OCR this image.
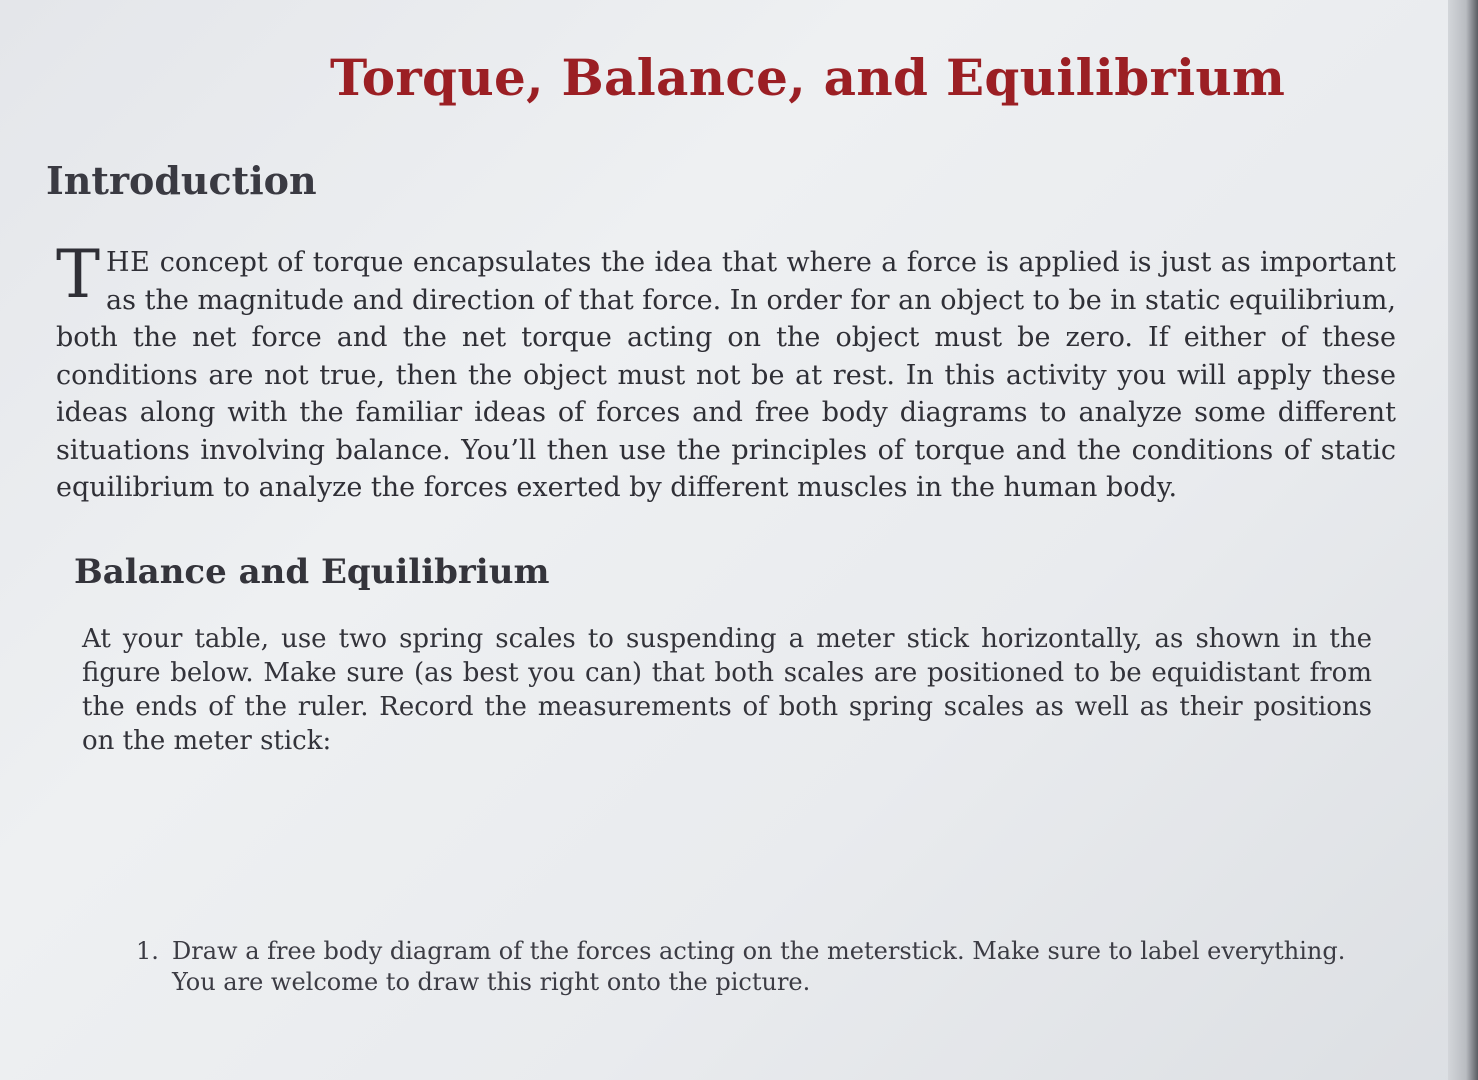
Torque, Balance, and Equilibrium
Introduction

THE concept of torque encapsulates the idea that where a force is applied is just as important as the magnitude and direction of that force. In order for an object to be in static equilibrium, both the net force and the net torque acting on the object must be zero. If either of these conditions are not true, then the object must not be at rest. In this activity you will apply these ideas along with the familiar ideas of forces and free body diagrams to analyze some different situations involving balance. You’ll then use the principles of torque and the conditions of static equilibrium to analyze the forces exerted by different muscles in the human body.

Balance and Equilibrium

At your table, use two spring scales to suspending a meter stick horizontally, as shown in the figure below. Make sure (as best you can) that both scales are positioned to be equidistant from the ends of the ruler. Record the measurements of both spring scales as well as their positions on the meter stick:

1. Draw a free body diagram of the forces acting on the meterstick. Make sure to label everything. You are welcome to draw this right onto the picture.
